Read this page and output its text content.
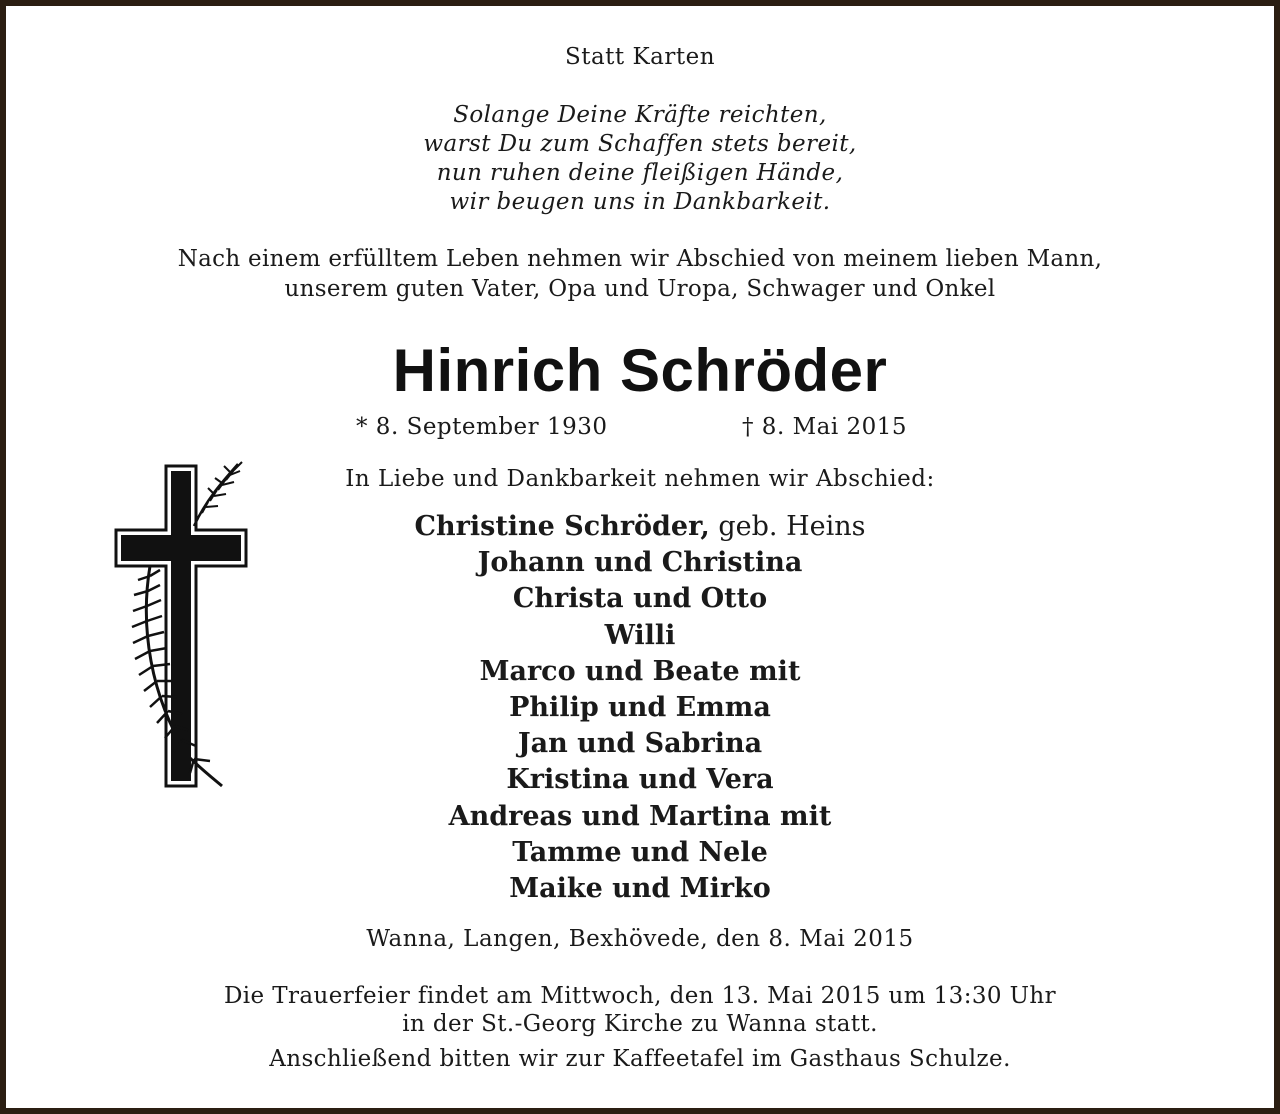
Statt Karten
Solange Deine Kräfte reichten,
warst Du zum Schaffen stets bereit,
nun ruhen deine fleißigen Hände,
wir beugen uns in Dankbarkeit.
Nach einem erfülltem Leben nehmen wir Abschied von meinem lieben Mann,
unserem guten Vater, Opa und Uropa, Schwager und Onkel
Hinrich Schröder
* 8. September 1930	† 8. Mai 2015
In Liebe und Dankbarkeit nehmen wir Abschied:
Christine Schröder, geb. Heins
Johann und Christina
Christa und Otto
Willi
Marco und Beate mit
Philip und Emma
Jan und Sabrina
Kristina und Vera
Andreas und Martina mit
Tamme und Nele
Maike und Mirko
Wanna, Langen, Bexhövede, den 8. Mai 2015
Die Trauerfeier findet am Mittwoch, den 13. Mai 2015 um 13:30 Uhr
in der St.-Georg Kirche zu Wanna statt.
Anschließend bitten wir zur Kaffeetafel im Gasthaus Schulze.
